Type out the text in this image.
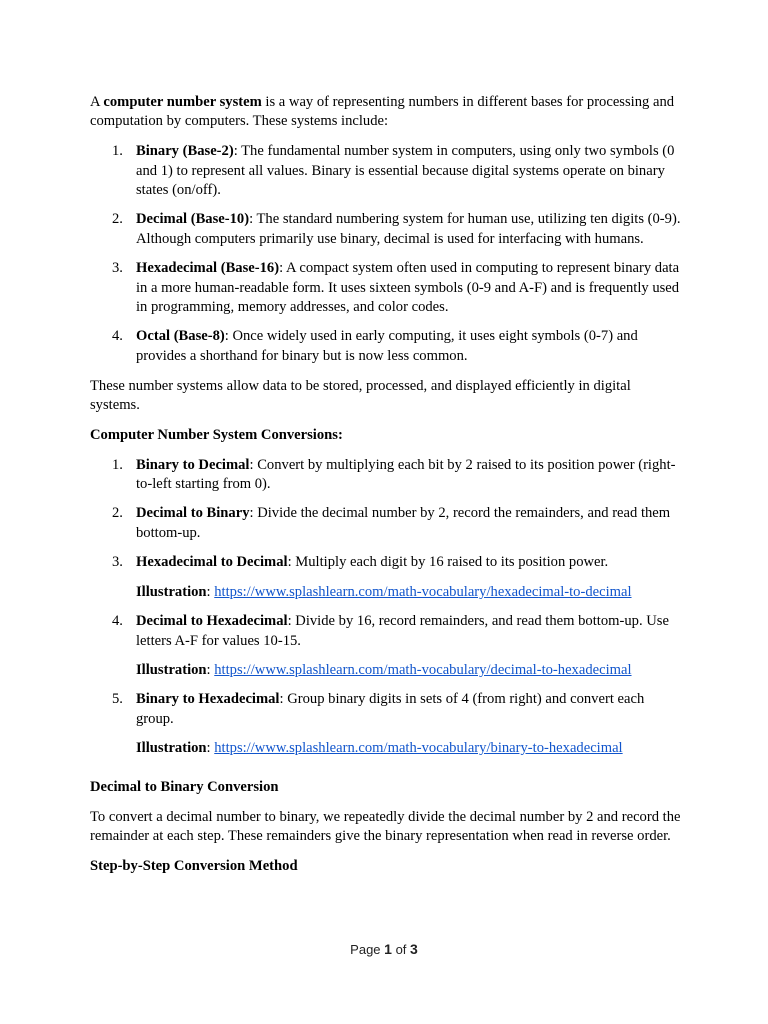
A computer number system is a way of representing numbers in different bases for processing and computation by computers. These systems include:

1. Binary (Base-2): The fundamental number system in computers, using only two symbols (0 and 1) to represent all values. Binary is essential because digital systems operate on binary states (on/off).
2. Decimal (Base-10): The standard numbering system for human use, utilizing ten digits (0-9). Although computers primarily use binary, decimal is used for interfacing with humans.
3. Hexadecimal (Base-16): A compact system often used in computing to represent binary data in a more human-readable form. It uses sixteen symbols (0-9 and A-F) and is frequently used in programming, memory addresses, and color codes.
4. Octal (Base-8): Once widely used in early computing, it uses eight symbols (0-7) and provides a shorthand for binary but is now less common.

These number systems allow data to be stored, processed, and displayed efficiently in digital systems.

Computer Number System Conversions:

1. Binary to Decimal: Convert by multiplying each bit by 2 raised to its position power (right-to-left starting from 0).
2. Decimal to Binary: Divide the decimal number by 2, record the remainders, and read them bottom-up.
3. Hexadecimal to Decimal: Multiply each digit by 16 raised to its position power.

Illustration: https://www.splashlearn.com/math-vocabulary/hexadecimal-to-decimal

4. Decimal to Hexadecimal: Divide by 16, record remainders, and read them bottom-up. Use letters A-F for values 10-15.

Illustration: https://www.splashlearn.com/math-vocabulary/decimal-to-hexadecimal

5. Binary to Hexadecimal: Group binary digits in sets of 4 (from right) and convert each group.

Illustration: https://www.splashlearn.com/math-vocabulary/binary-to-hexadecimal

Decimal to Binary Conversion

To convert a decimal number to binary, we repeatedly divide the decimal number by 2 and record the remainder at each step. These remainders give the binary representation when read in reverse order.

Step-by-Step Conversion Method

Page 1 of 3
